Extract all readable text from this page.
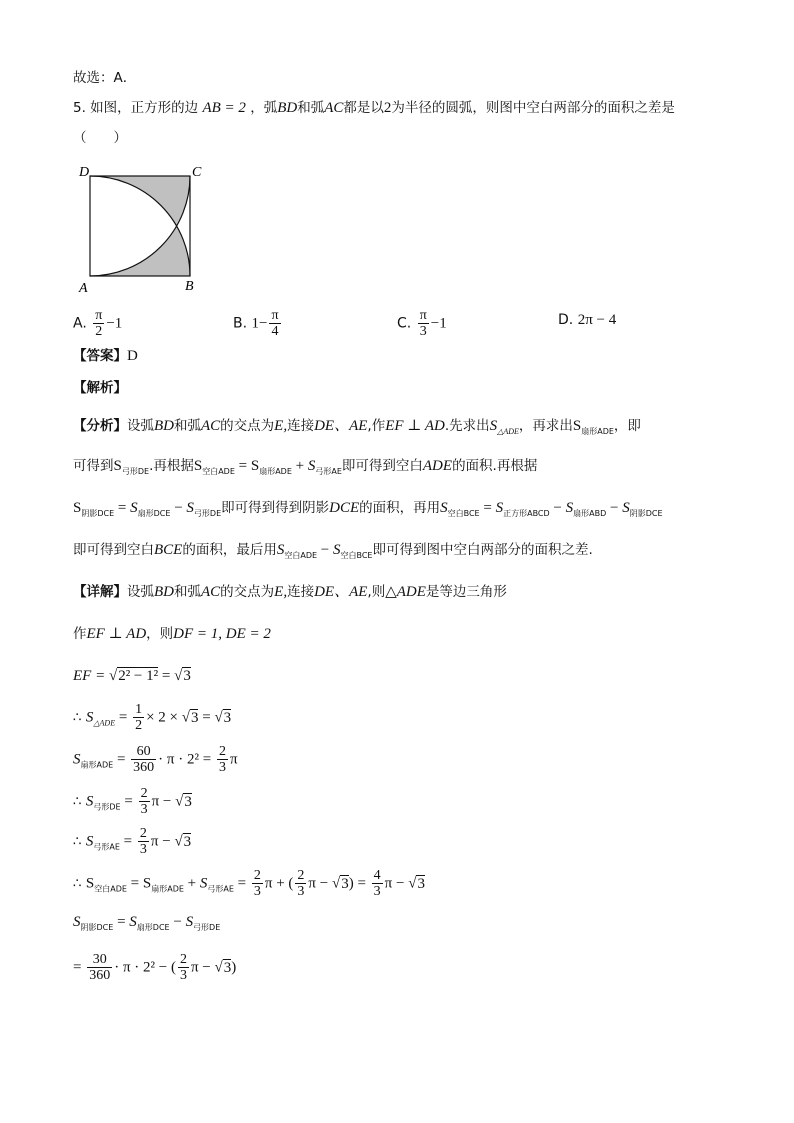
故选：A．
5. 如图，正方形的边 AB = 2 ，弧BD和弧AC都是以2为半径的圆弧，则图中空白两部分的面积之差是
（　　）
D	C
A	B
A. $\frac{\pi}{2} -1$	B. $1- \frac{\pi}{4}$	C. $\frac{\pi}{3} -1$	D. 2π − 4
【答案】D
【解析】
【分析】设弧BD和弧AC的交点为E,连接DE、AE,作EF ⊥ AD.先求出$S_{\triangle ADE}$，再求出$S_{扇形ADE}$，即
可得到$S_{弓形DE}$.再根据$S_{空白ADE} = S_{扇形ADE} + S_{弓形AE}$即可得到空白ADE的面积.再根据
$S_{阴影DCE} = S_{扇形DCE} - S_{弓形DE}$即可得到得到阴影DCE的面积，再用$S_{空白BCE} = S_{正方形ABCD} - S_{扇形ABD} - S_{阴影DCE}$
即可得到空白BCE的面积，最后用$S_{空白ADE} - S_{空白BCE}$即可得到图中空白两部分的面积之差.
【详解】设弧BD和弧AC的交点为E,连接DE、AE,则△ADE是等边三角形
作EF ⊥ AD，则DF = 1, DE = 2
EF = √2² − 1² = √3
∴ $S_{\triangle ADE} = \frac{1}{2} \times 2 \times √3 = √3$
$S_{扇形ADE} = \frac{60}{360} \cdot \pi \cdot 2^2 = \frac{2}{3}$ π
∴ $S_{弓形DE} = \frac{2}{3}$ π − √3
∴ $S_{弓形AE} = \frac{2}{3}$ π − √3
∴ $S_{空白ADE} = S_{扇形ADE} + S_{弓形AE} = \frac{2}{3}$ π + ( $\frac{2}{3}$ $\pi - √3) = \frac{4}{3}$ π − √3
$S_{阴影DCE} = S_{扇形DCE} - S_{弓形DE}$
= $\frac{30}{360} \cdot \pi \cdot 2^2$ − ( $\frac{2}{3}$ π − √3)
